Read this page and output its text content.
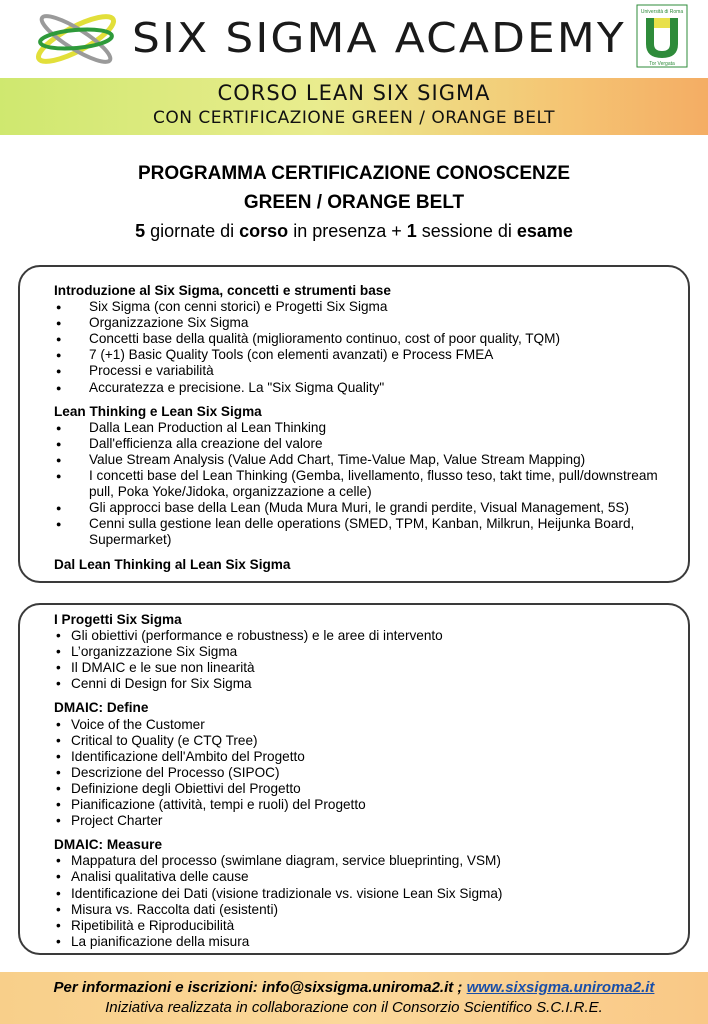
SIX SIGMA ACADEMY
Università di Roma
Tor Vergata
CORSO LEAN SIX SIGMA
CON CERTIFICAZIONE GREEN / ORANGE BELT
PROGRAMMA CERTIFICAZIONE CONOSCENZE
GREEN / ORANGE BELT
5 giornate di corso in presenza + 1 sessione di esame
Introduzione al Six Sigma, concetti e strumenti base
● Six Sigma (con cenni storici) e Progetti Six Sigma
● Organizzazione Six Sigma
● Concetti base della qualità (miglioramento continuo, cost of poor quality, TQM)
● 7 (+1) Basic Quality Tools (con elementi avanzati) e Process FMEA
● Processi e variabilità
● Accuratezza e precisione. La "Six Sigma Quality"
Lean Thinking e Lean Six Sigma
● Dalla Lean Production al Lean Thinking
● Dall'efficienza alla creazione del valore
● Value Stream Analysis (Value Add Chart, Time-Value Map, Value Stream Mapping)
● I concetti base del Lean Thinking (Gemba, livellamento, flusso teso, takt time, pull/downstream pull, Poka Yoke/Jidoka, organizzazione a celle)
● Gli approcci base della Lean (Muda Mura Muri, le grandi perdite, Visual Management, 5S)
● Cenni sulla gestione lean delle operations (SMED, TPM, Kanban, Milkrun, Heijunka Board, Supermarket)
Dal Lean Thinking al Lean Six Sigma
I Progetti Six Sigma
• Gli obiettivi (performance e robustness) e le aree di intervento
• L’organizzazione Six Sigma
• Il DMAIC e le sue non linearità
• Cenni di Design for Six Sigma
DMAIC: Define
• Voice of the Customer
• Critical to Quality (e CTQ Tree)
• Identificazione dell'Ambito del Progetto
• Descrizione del Processo (SIPOC)
• Definizione degli Obiettivi del Progetto
• Pianificazione (attività, tempi e ruoli) del Progetto
• Project Charter
DMAIC: Measure
• Mappatura del processo (swimlane diagram, service blueprinting, VSM)
• Analisi qualitativa delle cause
• Identificazione dei Dati (visione tradizionale vs. visione Lean Six Sigma)
• Misura vs. Raccolta dati (esistenti)
• Ripetibilità e Riproducibilità
• La pianificazione della misura
Per informazioni e iscrizioni: info@sixsigma.uniroma2.it ; www.sixsigma.uniroma2.it
Iniziativa realizzata in collaborazione con il Consorzio Scientifico S.C.I.R.E.
